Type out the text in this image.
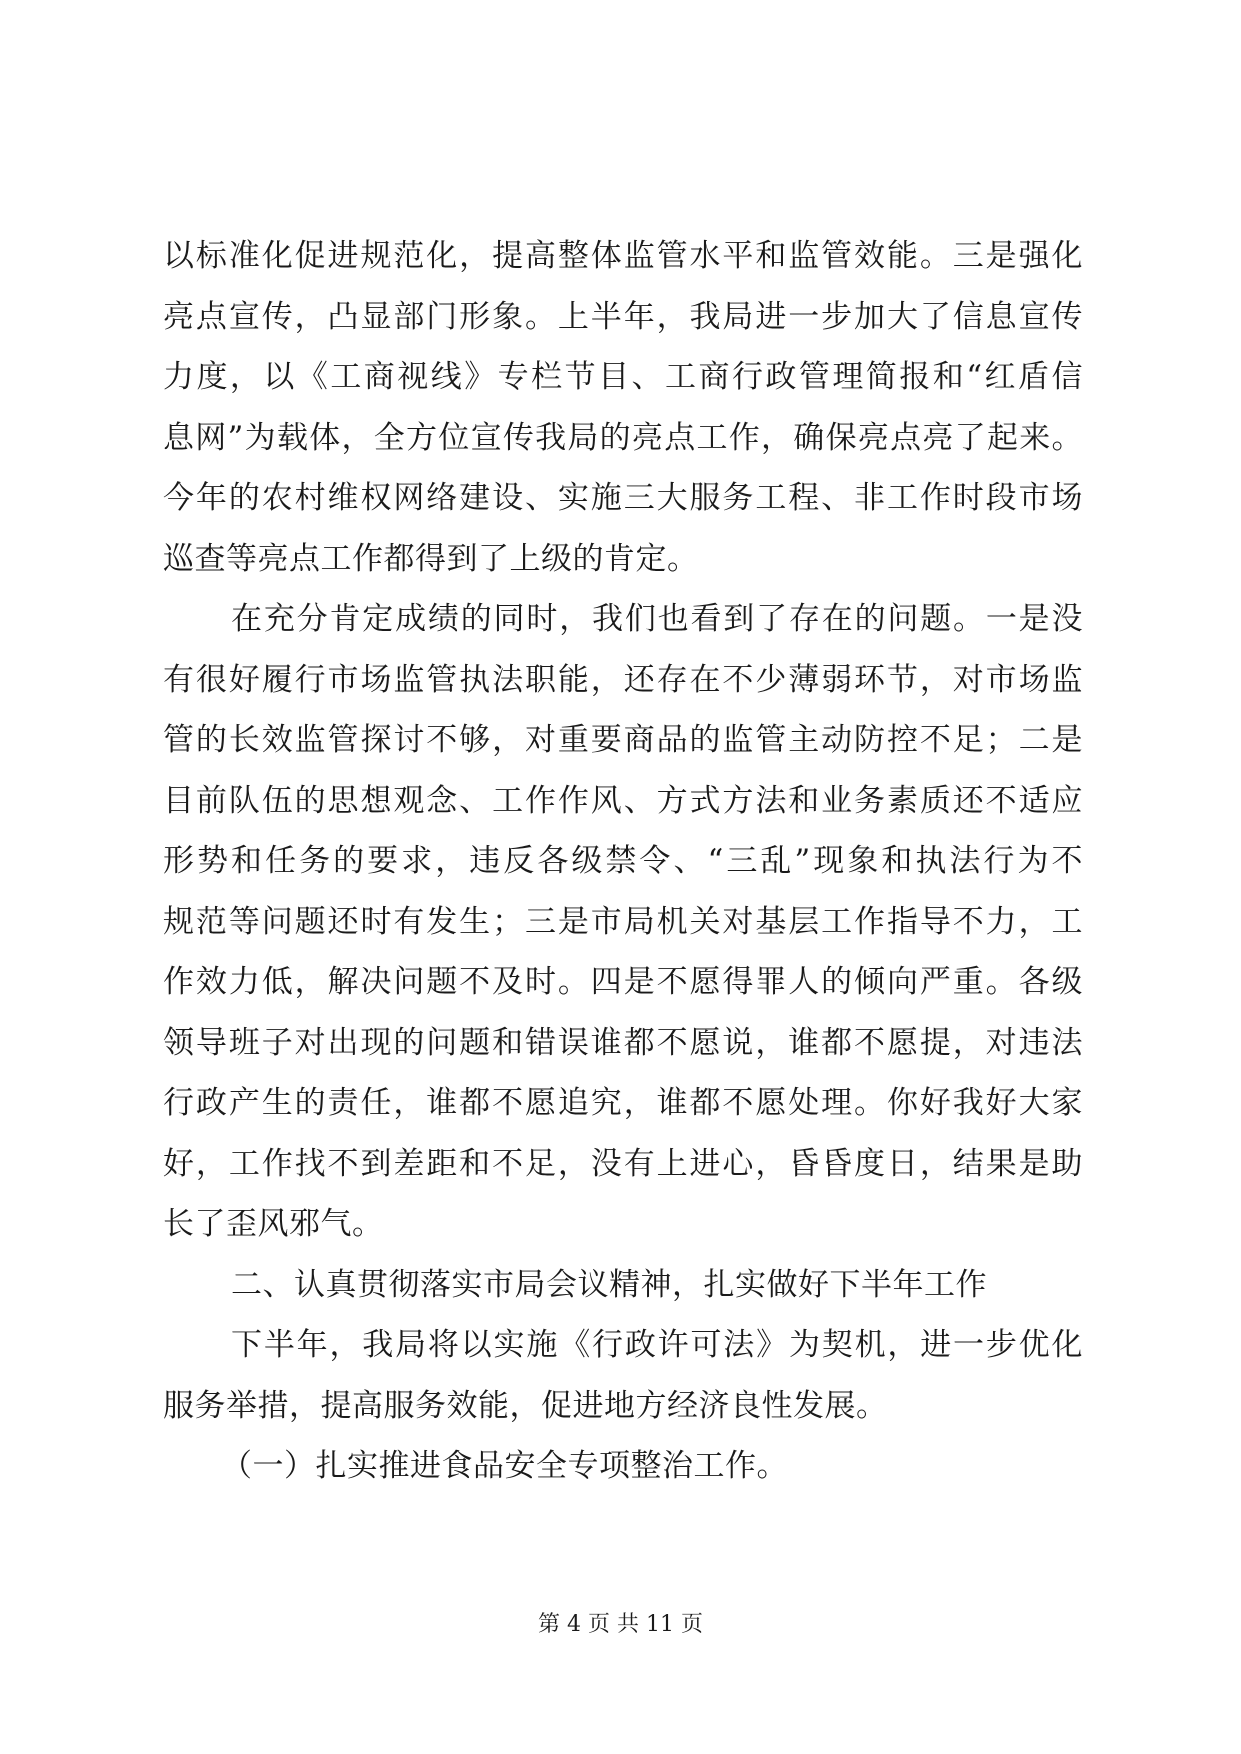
以标准化促进规范化，提高整体监管水平和监管效能。三是强化
亮点宣传，凸显部门形象。上半年，我局进一步加大了信息宣传
力度，以《工商视线》专栏节目、工商行政管理简报和“红盾信
息网”为载体，全方位宣传我局的亮点工作，确保亮点亮了起来。
今年的农村维权网络建设、实施三大服务工程、非工作时段市场
巡查等亮点工作都得到了上级的肯定。
在充分肯定成绩的同时，我们也看到了存在的问题。一是没
有很好履行市场监管执法职能，还存在不少薄弱环节，对市场监
管的长效监管探讨不够，对重要商品的监管主动防控不足；二是
目前队伍的思想观念、工作作风、方式方法和业务素质还不适应
形势和任务的要求，违反各级禁令、“三乱”现象和执法行为不
规范等问题还时有发生；三是市局机关对基层工作指导不力，工
作效力低，解决问题不及时。四是不愿得罪人的倾向严重。各级
领导班子对出现的问题和错误谁都不愿说，谁都不愿提，对违法
行政产生的责任，谁都不愿追究，谁都不愿处理。你好我好大家
好，工作找不到差距和不足，没有上进心，昏昏度日，结果是助
长了歪风邪气。
二、认真贯彻落实市局会议精神，扎实做好下半年工作
下半年，我局将以实施《行政许可法》为契机，进一步优化
服务举措，提高服务效能，促进地方经济良性发展。
（一）扎实推进食品安全专项整治工作。
第 4 页 共 11 页
